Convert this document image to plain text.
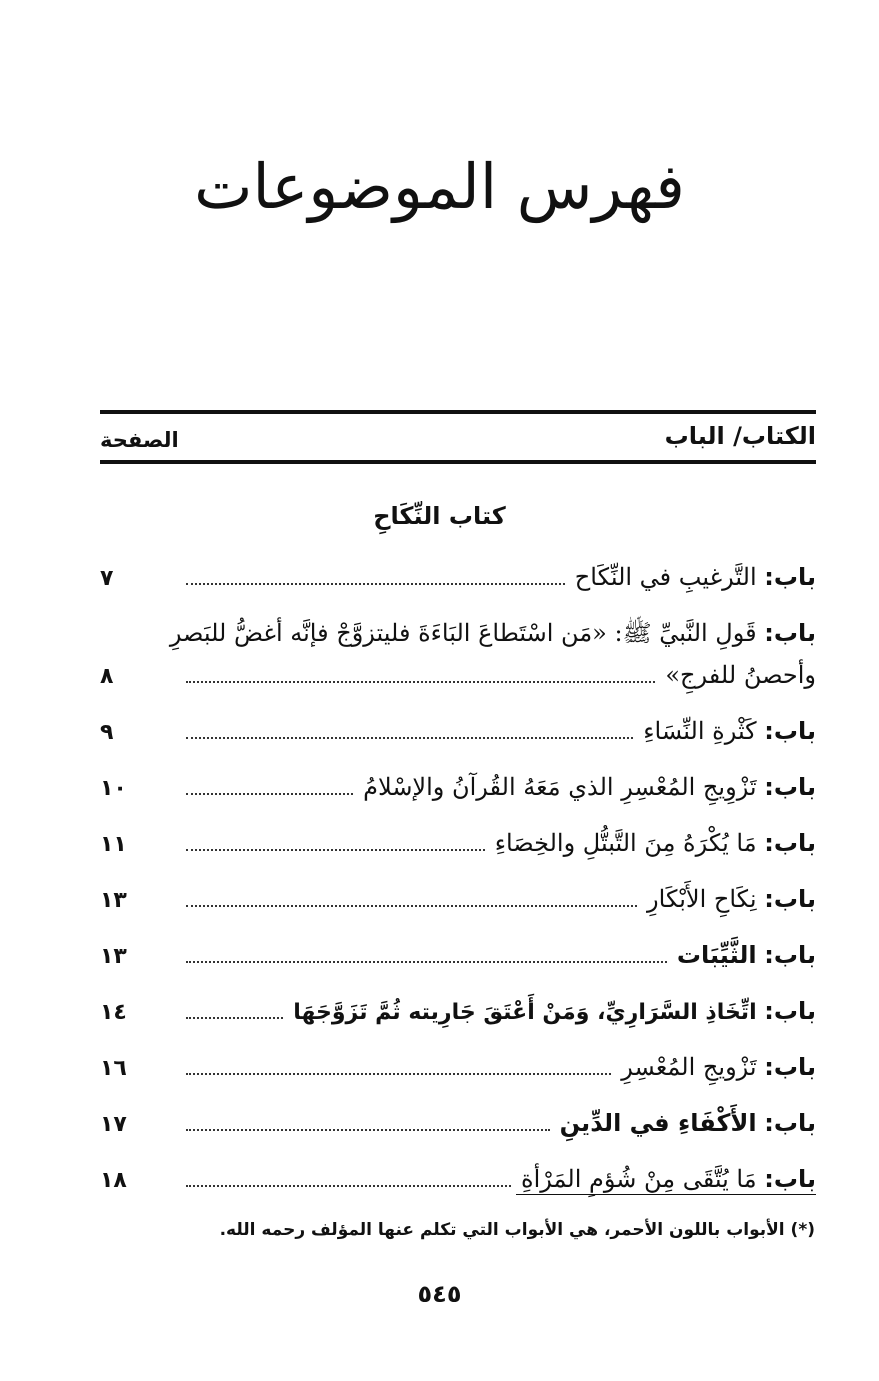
فهرس الموضوعات
الكتاب/ الباب
الصفحة
كتاب النِّكَاحِ
باب: التَّرغيبِ في النِّكَاح
٧
باب: قَولِ النَّبيِّ ﷺ: «مَن اسْتَطاعَ البَاءَةَ فليتزوَّجْ فإنَّه أغضُّ للبَصرِ
وأحصنُ للفرجِ»
٨
باب: كَثْرةِ النِّسَاءِ
٩
باب: تَزْوِيجِ المُعْسِرِ الذي مَعَهُ القُرآنُ والإسْلامُ
١٠
باب: مَا يُكْرَهُ مِنَ التَّبتُّلِ والخِصَاءِ
١١
باب: نِكَاحِ الأَبْكَارِ
١٣
باب: الثَّيِّبَات
١٣
باب: اتِّخَاذِ السَّرَارِيِّ، وَمَنْ أَعْتَقَ جَارِيته ثُمَّ تَزَوَّجَهَا
١٤
باب: تَزْويجِ المُعْسِرِ
١٦
باب: الأَكْفَاءِ في الدِّينِ
١٧
باب: مَا يُتَّقَى مِنْ شُؤمِ المَرْأةِ
١٨
(*) الأبواب باللون الأحمر، هي الأبواب التي تكلم عنها المؤلف رحمه الله.
٥٤٥
